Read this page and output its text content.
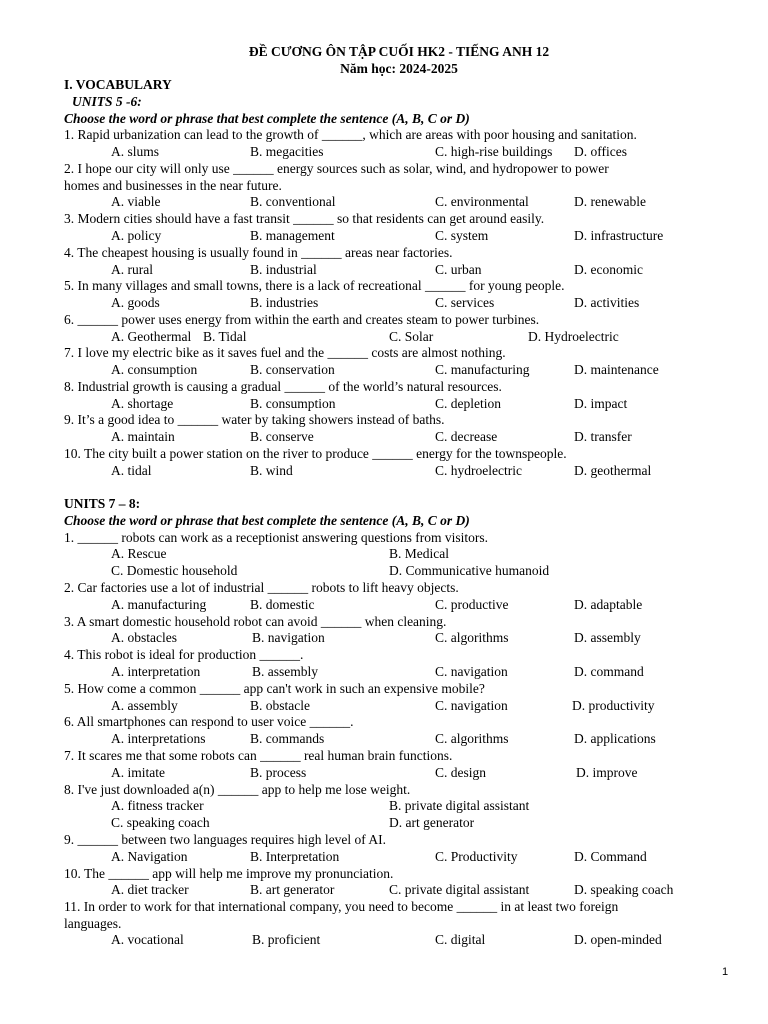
ĐỀ CƯƠNG ÔN TẬP CUỐI HK2 - TIẾNG ANH 12
Năm học: 2024-2025
I. VOCABULARY
UNITS 5 -6:
Choose the word or phrase that best complete the sentence (A, B, C or D)
1. Rapid urbanization can lead to the growth of ______, which are areas with poor housing and sanitation.
A. slums	B. megacities	C. high-rise buildings D. offices
2. I hope our city will only use ______ energy sources such as solar, wind, and hydropower to power
homes and businesses in the near future.
A. viable	B. conventional	C. environmental	D. renewable
3. Modern cities should have a fast transit ______ so that residents can get around easily.
A. policy	B. management	C. system	D. infrastructure
4. The cheapest housing is usually found in ______ areas near factories.
A. rural	B. industrial	C. urban	D. economic
5. In many villages and small towns, there is a lack of recreational ______ for young people.
A. goods	B. industries	C. services	D. activities
6. ______ power uses energy from within the earth and creates steam to power turbines.
A. Geothermal B. Tidal	C. Solar	D. Hydroelectric
7. I love my electric bike as it saves fuel and the ______ costs are almost nothing.
A. consumption	B. conservation	C. manufacturing	D. maintenance
8. Industrial growth is causing a gradual ______ of the world’s natural resources.
A. shortage	B. consumption	C. depletion	D. impact
9. It’s a good idea to ______ water by taking showers instead of baths.
A. maintain	B. conserve	C. decrease	D. transfer
10. The city built a power station on the river to produce ______ energy for the townspeople.
A. tidal	B. wind	C. hydroelectric	D. geothermal
UNITS 7 – 8:
Choose the word or phrase that best complete the sentence (A, B, C or D)
1. ______ robots can work as a receptionist answering questions from visitors.
A. Rescue	B. Medical
C. Domestic household	D. Communicative humanoid
2. Car factories use a lot of industrial ______ robots to lift heavy objects.
A. manufacturing	B. domestic	C. productive	D. adaptable
3. A smart domestic household robot can avoid ______ when cleaning.
A. obstacles	B. navigation	C. algorithms	D. assembly
4. This robot is ideal for production ______.
A. interpretation	B. assembly	C. navigation	D. command
5. How come a common ______ app can't work in such an expensive mobile?
A. assembly	B. obstacle	C. navigation	D. productivity
6. All smartphones can respond to user voice ______.
A. interpretations	B. commands	C. algorithms	D. applications
7. It scares me that some robots can ______ real human brain functions.
A. imitate	B. process	C. design	D. improve
8. I've just downloaded a(n) ______ app to help me lose weight.
A. fitness tracker	B. private digital assistant
C. speaking coach	D. art generator
9. ______ between two languages requires high level of AI.
A. Navigation	B. Interpretation	C. Productivity	D. Command
10. The ______ app will help me improve my pronunciation.
A. diet tracker	B. art generator	C. private digital assistant	D. speaking coach
11. In order to work for that international company, you need to become ______ in at least two foreign
languages.
A. vocational	B. proficient	C. digital	D. open-minded
1
